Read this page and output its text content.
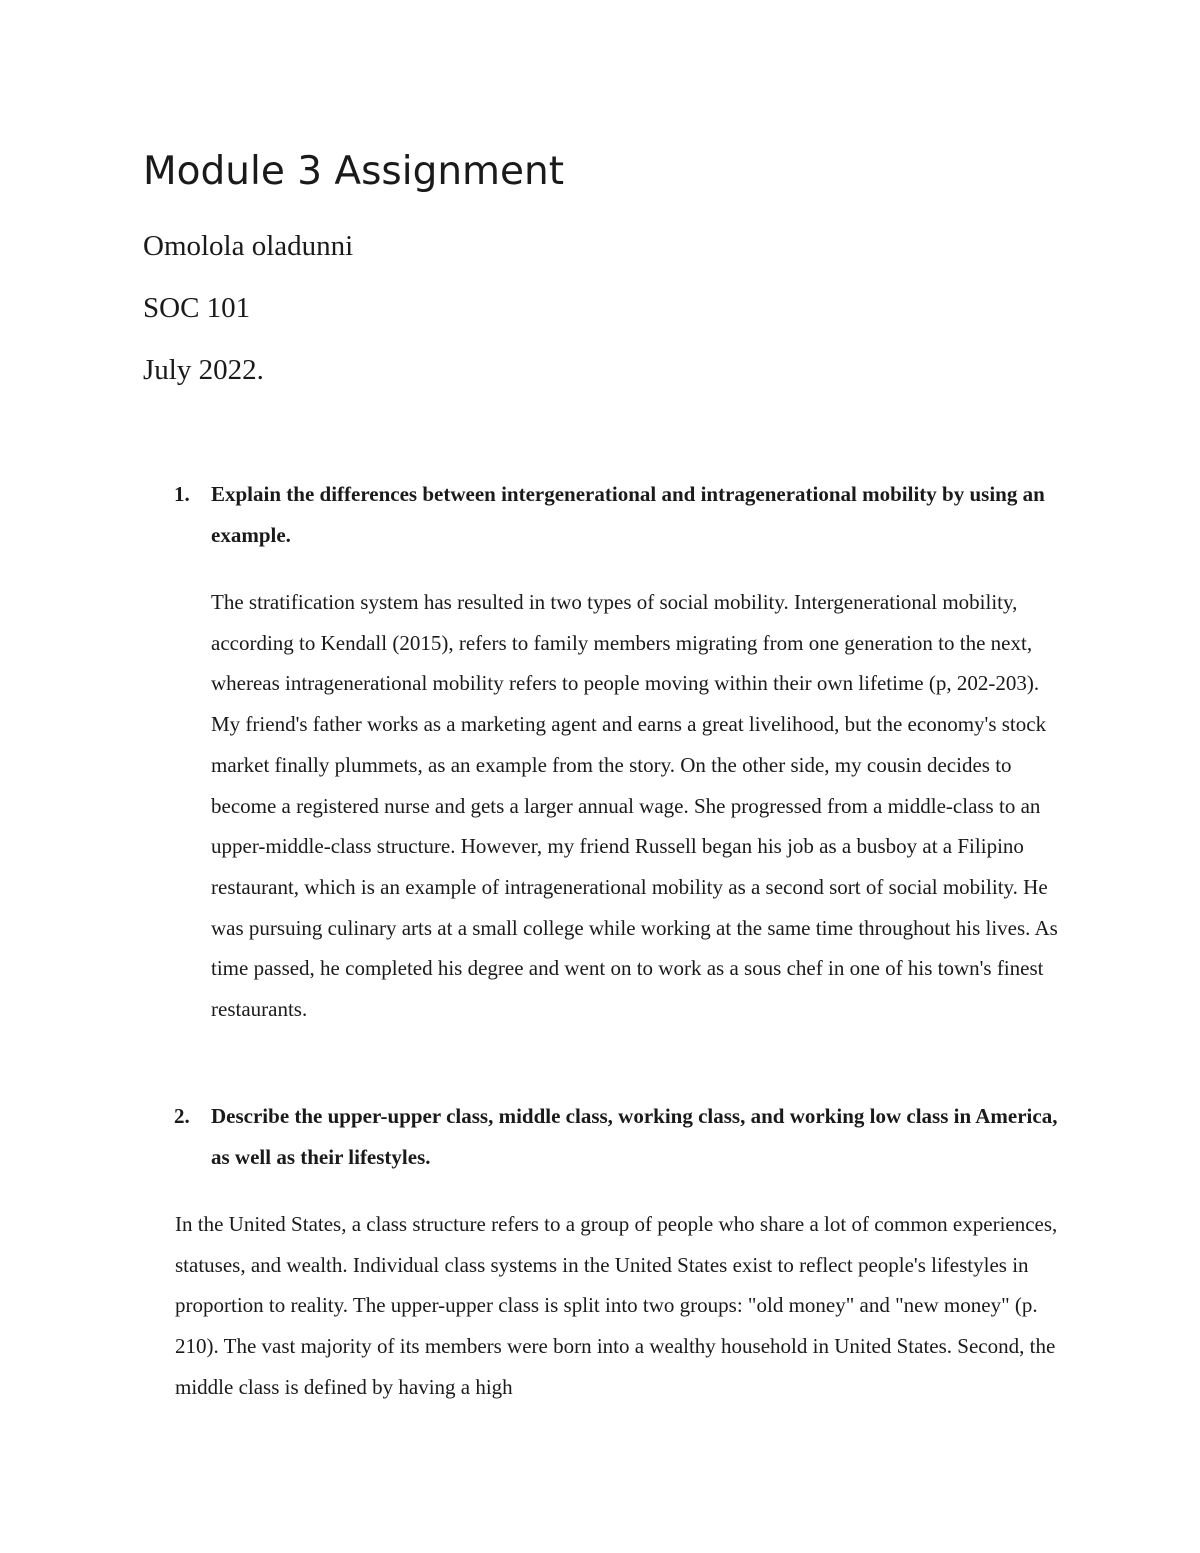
Module 3 Assignment

Omolola oladunni

SOC 101

July 2022.

1. Explain the differences between intergenerational and intragenerational mobility by using an example.

The stratification system has resulted in two types of social mobility. Intergenerational mobility, according to Kendall (2015), refers to family members migrating from one generation to the next, whereas intragenerational mobility refers to people moving within their own lifetime (p, 202-203). My friend's father works as a marketing agent and earns a great livelihood, but the economy's stock market finally plummets, as an example from the story. On the other side, my cousin decides to become a registered nurse and gets a larger annual wage. She progressed from a middle-class to an upper-middle-class structure. However, my friend Russell began his job as a busboy at a Filipino restaurant, which is an example of intragenerational mobility as a second sort of social mobility. He was pursuing culinary arts at a small college while working at the same time throughout his lives. As time passed, he completed his degree and went on to work as a sous chef in one of his town's finest restaurants.

2. Describe the upper-upper class, middle class, working class, and working low class in America, as well as their lifestyles.

In the United States, a class structure refers to a group of people who share a lot of common experiences, statuses, and wealth. Individual class systems in the United States exist to reflect people's lifestyles in proportion to reality. The upper-upper class is split into two groups: "old money" and "new money" (p. 210). The vast majority of its members were born into a wealthy household in United States. Second, the middle class is defined by having a high
